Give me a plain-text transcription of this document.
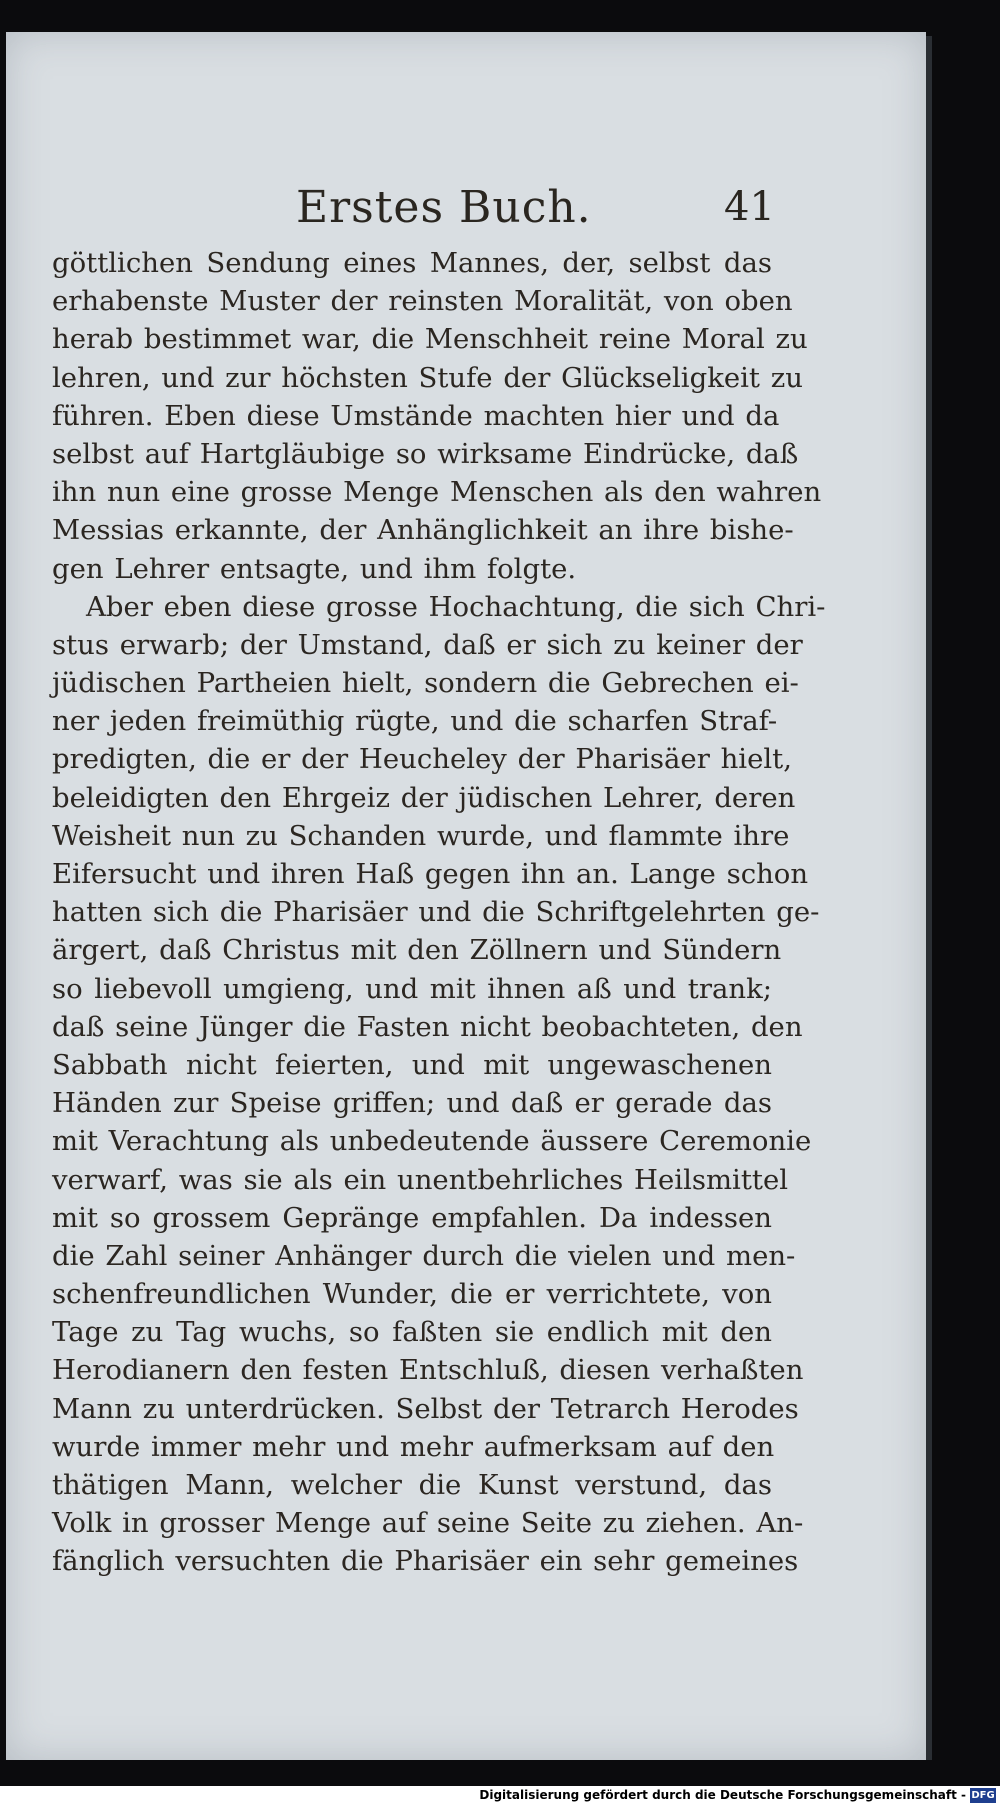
Erstes Buch.	41
göttlichen Sendung eines Mannes, der, selbst das
erhabenste Muster der reinsten Moralität, von oben
herab bestimmet war, die Menschheit reine Moral zu
lehren, und zur höchsten Stufe der Glückseligkeit zu
führen. Eben diese Umstände machten hier und da
selbst auf Hartgläubige so wirksame Eindrücke, daß
ihn nun eine grosse Menge Menschen als den wahren
Messias erkannte, der Anhänglichkeit an ihre bishe-
gen Lehrer entsagte, und ihm folgte.
Aber eben diese grosse Hochachtung, die sich Chri-
stus erwarb; der Umstand, daß er sich zu keiner der
jüdischen Partheien hielt, sondern die Gebrechen ei-
ner jeden freimüthig rügte, und die scharfen Straf-
predigten, die er der Heucheley der Pharisäer hielt,
beleidigten den Ehrgeiz der jüdischen Lehrer, deren
Weisheit nun zu Schanden wurde, und flammte ihre
Eifersucht und ihren Haß gegen ihn an. Lange schon
hatten sich die Pharisäer und die Schriftgelehrten ge-
ärgert, daß Christus mit den Zöllnern und Sündern
so liebevoll umgieng, und mit ihnen aß und trank;
daß seine Jünger die Fasten nicht beobachteten, den
Sabbath nicht feierten, und mit ungewaschenen
Händen zur Speise griffen; und daß er gerade das
mit Verachtung als unbedeutende äussere Ceremonie
verwarf, was sie als ein unentbehrliches Heilsmittel
mit so grossem Gepränge empfahlen. Da indessen
die Zahl seiner Anhänger durch die vielen und men-
schenfreundlichen Wunder, die er verrichtete, von
Tage zu Tag wuchs, so faßten sie endlich mit den
Herodianern den festen Entschluß, diesen verhaßten
Mann zu unterdrücken. Selbst der Tetrarch Herodes
wurde immer mehr und mehr aufmerksam auf den
thätigen Mann, welcher die Kunst verstund, das
Volk in grosser Menge auf seine Seite zu ziehen. An-
fänglich versuchten die Pharisäer ein sehr gemeines
Digitalisierung gefördert durch die Deutsche Forschungsgemeinschaft - DFG
